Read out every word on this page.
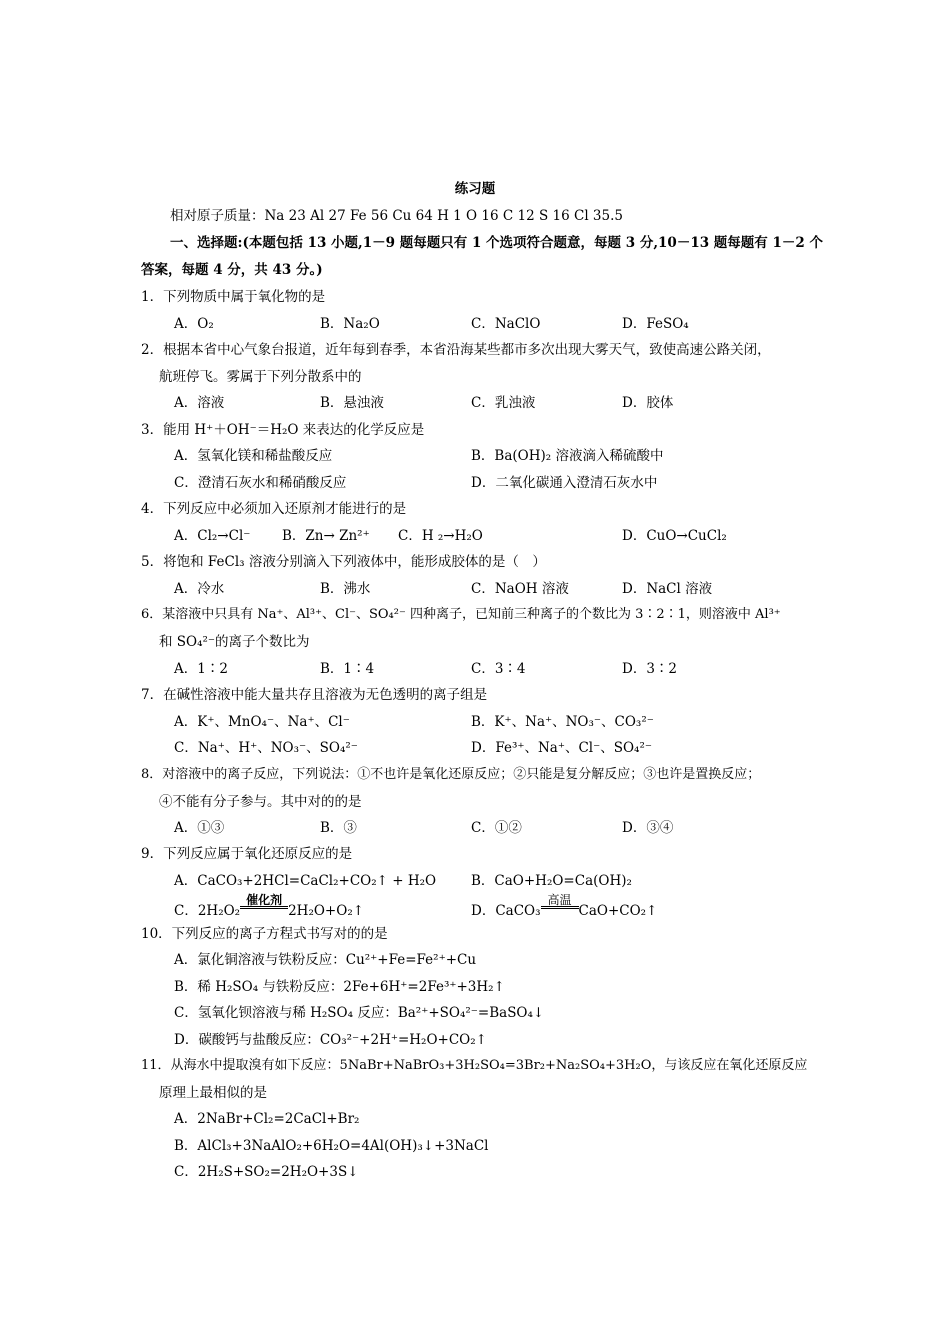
练习题
相对原子质量：Na 23 Al 27 Fe 56 Cu 64 H 1 O 16 C 12 S 16 Cl 35.5
一、选择题:(本题包括 13 小题,1－9 题每题只有 1 个选项符合题意，每题 3 分,10－13 题每题有 1－2 个
答案，每题 4 分，共 43 分。)
1．下列物质中属于氧化物的是
A．O₂	B．Na₂O	C．NaClO	D．FeSO₄
2．根据本省中心气象台报道，近年每到春季，本省沿海某些都市多次出现大雾天气，致使高速公路关闭，
航班停飞。雾属于下列分散系中的
A．溶液	B．悬浊液	C．乳浊液	D．胶体
3．能用 H⁺＋OH⁻＝H₂O 来表达的化学反应是
A．氢氧化镁和稀盐酸反应	B．Ba(OH)₂ 溶液滴入稀硫酸中
C．澄清石灰水和稀硝酸反应	D．二氧化碳通入澄清石灰水中
4．下列反应中必须加入还原剂才能进行的是
A．Cl₂→Cl⁻ B．Zn→ Zn²⁺ C．H ₂→H₂O	D．CuO→CuCl₂
5．将饱和 FeCl₃ 溶液分别滴入下列液体中，能形成胶体的是（　）
A．冷水	B．沸水	C．NaOH 溶液	D．NaCl 溶液
6．某溶液中只具有 Na⁺、Al³⁺、Cl⁻、SO₄²⁻ 四种离子，已知前三种离子的个数比为 3∶2∶1，则溶液中 Al³⁺
和 SO₄²⁻的离子个数比为
A．1∶2	B．1∶4	C．3∶4	D．3∶2
7．在碱性溶液中能大量共存且溶液为无色透明的离子组是
A．K⁺、MnO₄⁻、Na⁺、Cl⁻	B．K⁺、Na⁺、NO₃⁻、CO₃²⁻
C．Na⁺、H⁺、NO₃⁻、SO₄²⁻	D．Fe³⁺、Na⁺、Cl⁻、SO₄²⁻
8．对溶液中的离子反应，下列说法：①不也许是氧化还原反应；②只能是复分解反应；③也许是置换反应；
④不能有分子参与。其中对的的是
A．①③	B．③	C．①②	D．③④
9．下列反应属于氧化还原反应的是
A．CaCO₃+2HCl=CaCl₂+CO₂↑ + H₂O	B．CaO+H₂O=Ca(OH)₂
C．2H₂O₂
催化剂
2H₂O+O₂↑	D．CaCO₃
高温
CaO+CO₂↑
10．下列反应的离子方程式书写对的的是
A．氯化铜溶液与铁粉反应：Cu²⁺+Fe=Fe²⁺+Cu
B．稀 H₂SO₄ 与铁粉反应：2Fe+6H⁺=2Fe³⁺+3H₂↑
C．氢氧化钡溶液与稀 H₂SO₄ 反应：Ba²⁺+SO₄²⁻=BaSO₄↓
D．碳酸钙与盐酸反应：CO₃²⁻+2H⁺=H₂O+CO₂↑
11．从海水中提取溴有如下反应：5NaBr+NaBrO₃+3H₂SO₄=3Br₂+Na₂SO₄+3H₂O，与该反应在氧化还原反应
原理上最相似的是
A．2NaBr+Cl₂=2CaCl+Br₂
B．AlCl₃+3NaAlO₂+6H₂O=4Al(OH)₃↓+3NaCl
C．2H₂S+SO₂=2H₂O+3S↓
